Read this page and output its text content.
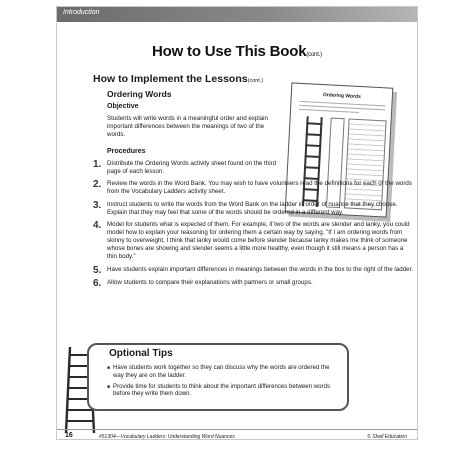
Introduction
How to Use This Book(cont.)
How to Implement the Lessons(cont.)
Ordering Words
Objective
Students will write words in a meaningful order and explain important differences between the meanings of two of the words.
Procedures
Ordering Words
1. Distribute the Ordering Words activity sheet found on the third page of each lesson.
2. Review the words in the Word Bank. You may wish to have volunteers read the definitions for each of the words from the Vocabulary Ladders activity sheet.
3. Instruct students to write the words from the Word Bank on the ladder in order of nuance that they choose. Explain that they may feel that some of the words should be ordered in a different way.
4. Model for students what is expected of them. For example, if two of the words are slender and lanky, you could model how to explain your reasoning for ordering them a certain way by saying, "If I am ordering words from skinny to overweight, I think that lanky would come before slender because lanky makes me think of someone whose bones are showing and slender seems a little more healthy, even though it still means a person has a thin body."
5. Have students explain important differences in meanings between the words in the box to the right of the ladder.
6. Allow students to compare their explanations with partners or small groups.
Optional Tips
■ Have students work together so they can discuss why the words are ordered the way they are on the ladder.
■ Provide time for students to think about the important differences between words before they write them down.
16	#51304—Vocabulary Ladders: Understanding Word Nuances	© Shell Education
